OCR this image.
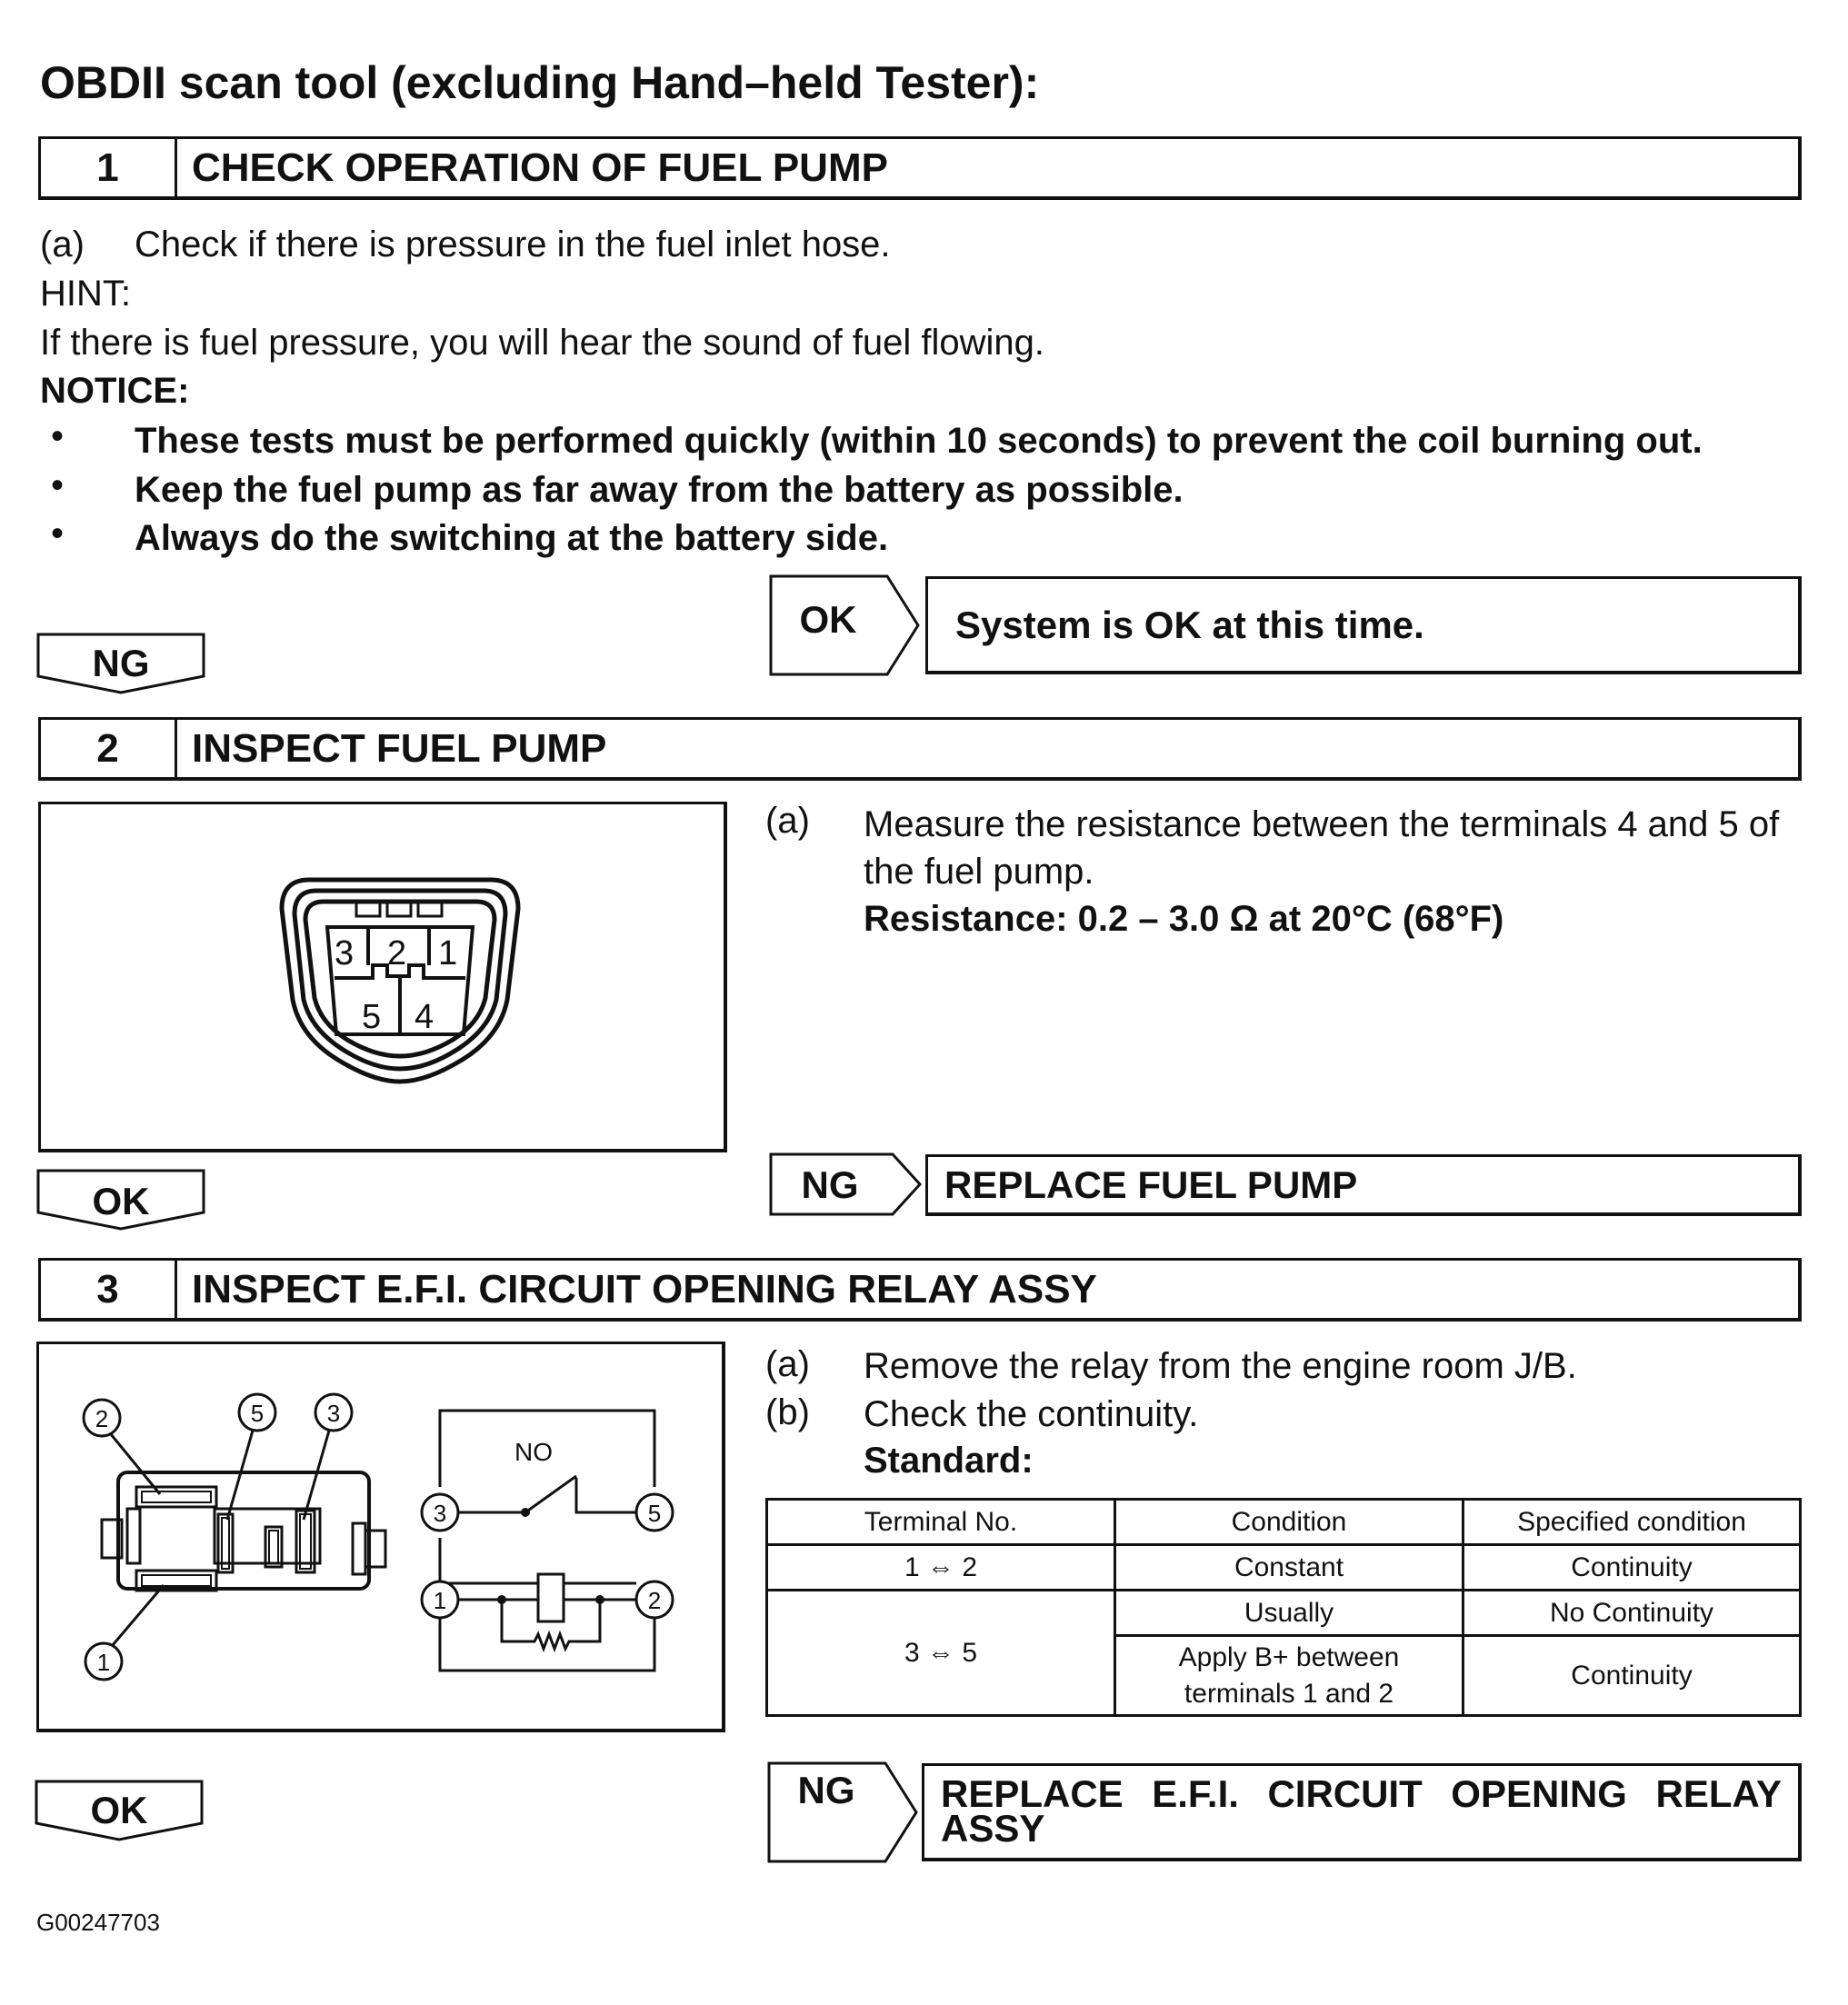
OBDII scan tool (excluding Hand–held Tester):
1	CHECK OPERATION OF FUEL PUMP
(a) Check if there is pressure in the fuel inlet hose.
HINT:
If there is fuel pressure, you will hear the sound of fuel flowing.
NOTICE:
• These tests must be performed quickly (within 10 seconds) to prevent the coil burning out.
• Keep the fuel pump as far away from the battery as possible.
• Always do the switching at the battery side.
OK	System is OK at this time.
NG
2	INSPECT FUEL PUMP
3 2 1
5 4
(a) Measure the resistance between the terminals 4 and 5 of
the fuel pump.
Resistance: 0.2 – 3.0 Ω at 20°C (68°F)
NG	REPLACE FUEL PUMP
OK
3	INSPECT E.F.I. CIRCUIT OPENING RELAY ASSY
2	5	3
1
3	5
1	2
NO
(a) Remove the relay from the engine room J/B.
(b) Check the continuity.
Standard:
Terminal No.	Condition	Specified condition
1 ⇔ 2	Constant	Continuity
3 ⇔ 5	Usually	No Continuity

	Apply B+ between
terminals 1 and 2	Continuity
NG	REPLACE E.F.I. CIRCUIT OPENING RELAY
ASSY
OK
G00247703
